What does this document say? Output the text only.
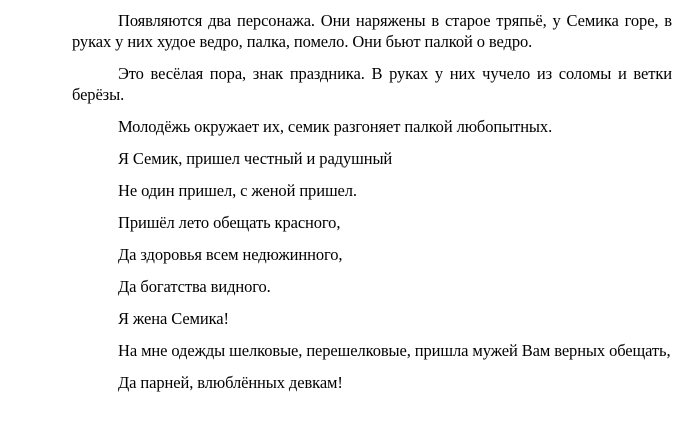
Появляются два персонажа. Они наряжены в старое тряпьё, у Семика горе, в руках у них худое ведро, палка, помело. Они бьют палкой о ведро.

Это весёлая пора, знак праздника. В руках у них чучело из соломы и ветки берёзы.

Молодёжь окружает их, семик разгоняет палкой любопытных.

Я Семик, пришел честный и радушный

Не один пришел, с женой пришел.

Пришёл лето обещать красного,

Да здоровья всем недюжинного,

Да богатства видного.

Я жена Семика!

На мне одежды шелковые, перешелковые, пришла мужей Вам верных обещать,

Да парней, влюблённых девкам!
